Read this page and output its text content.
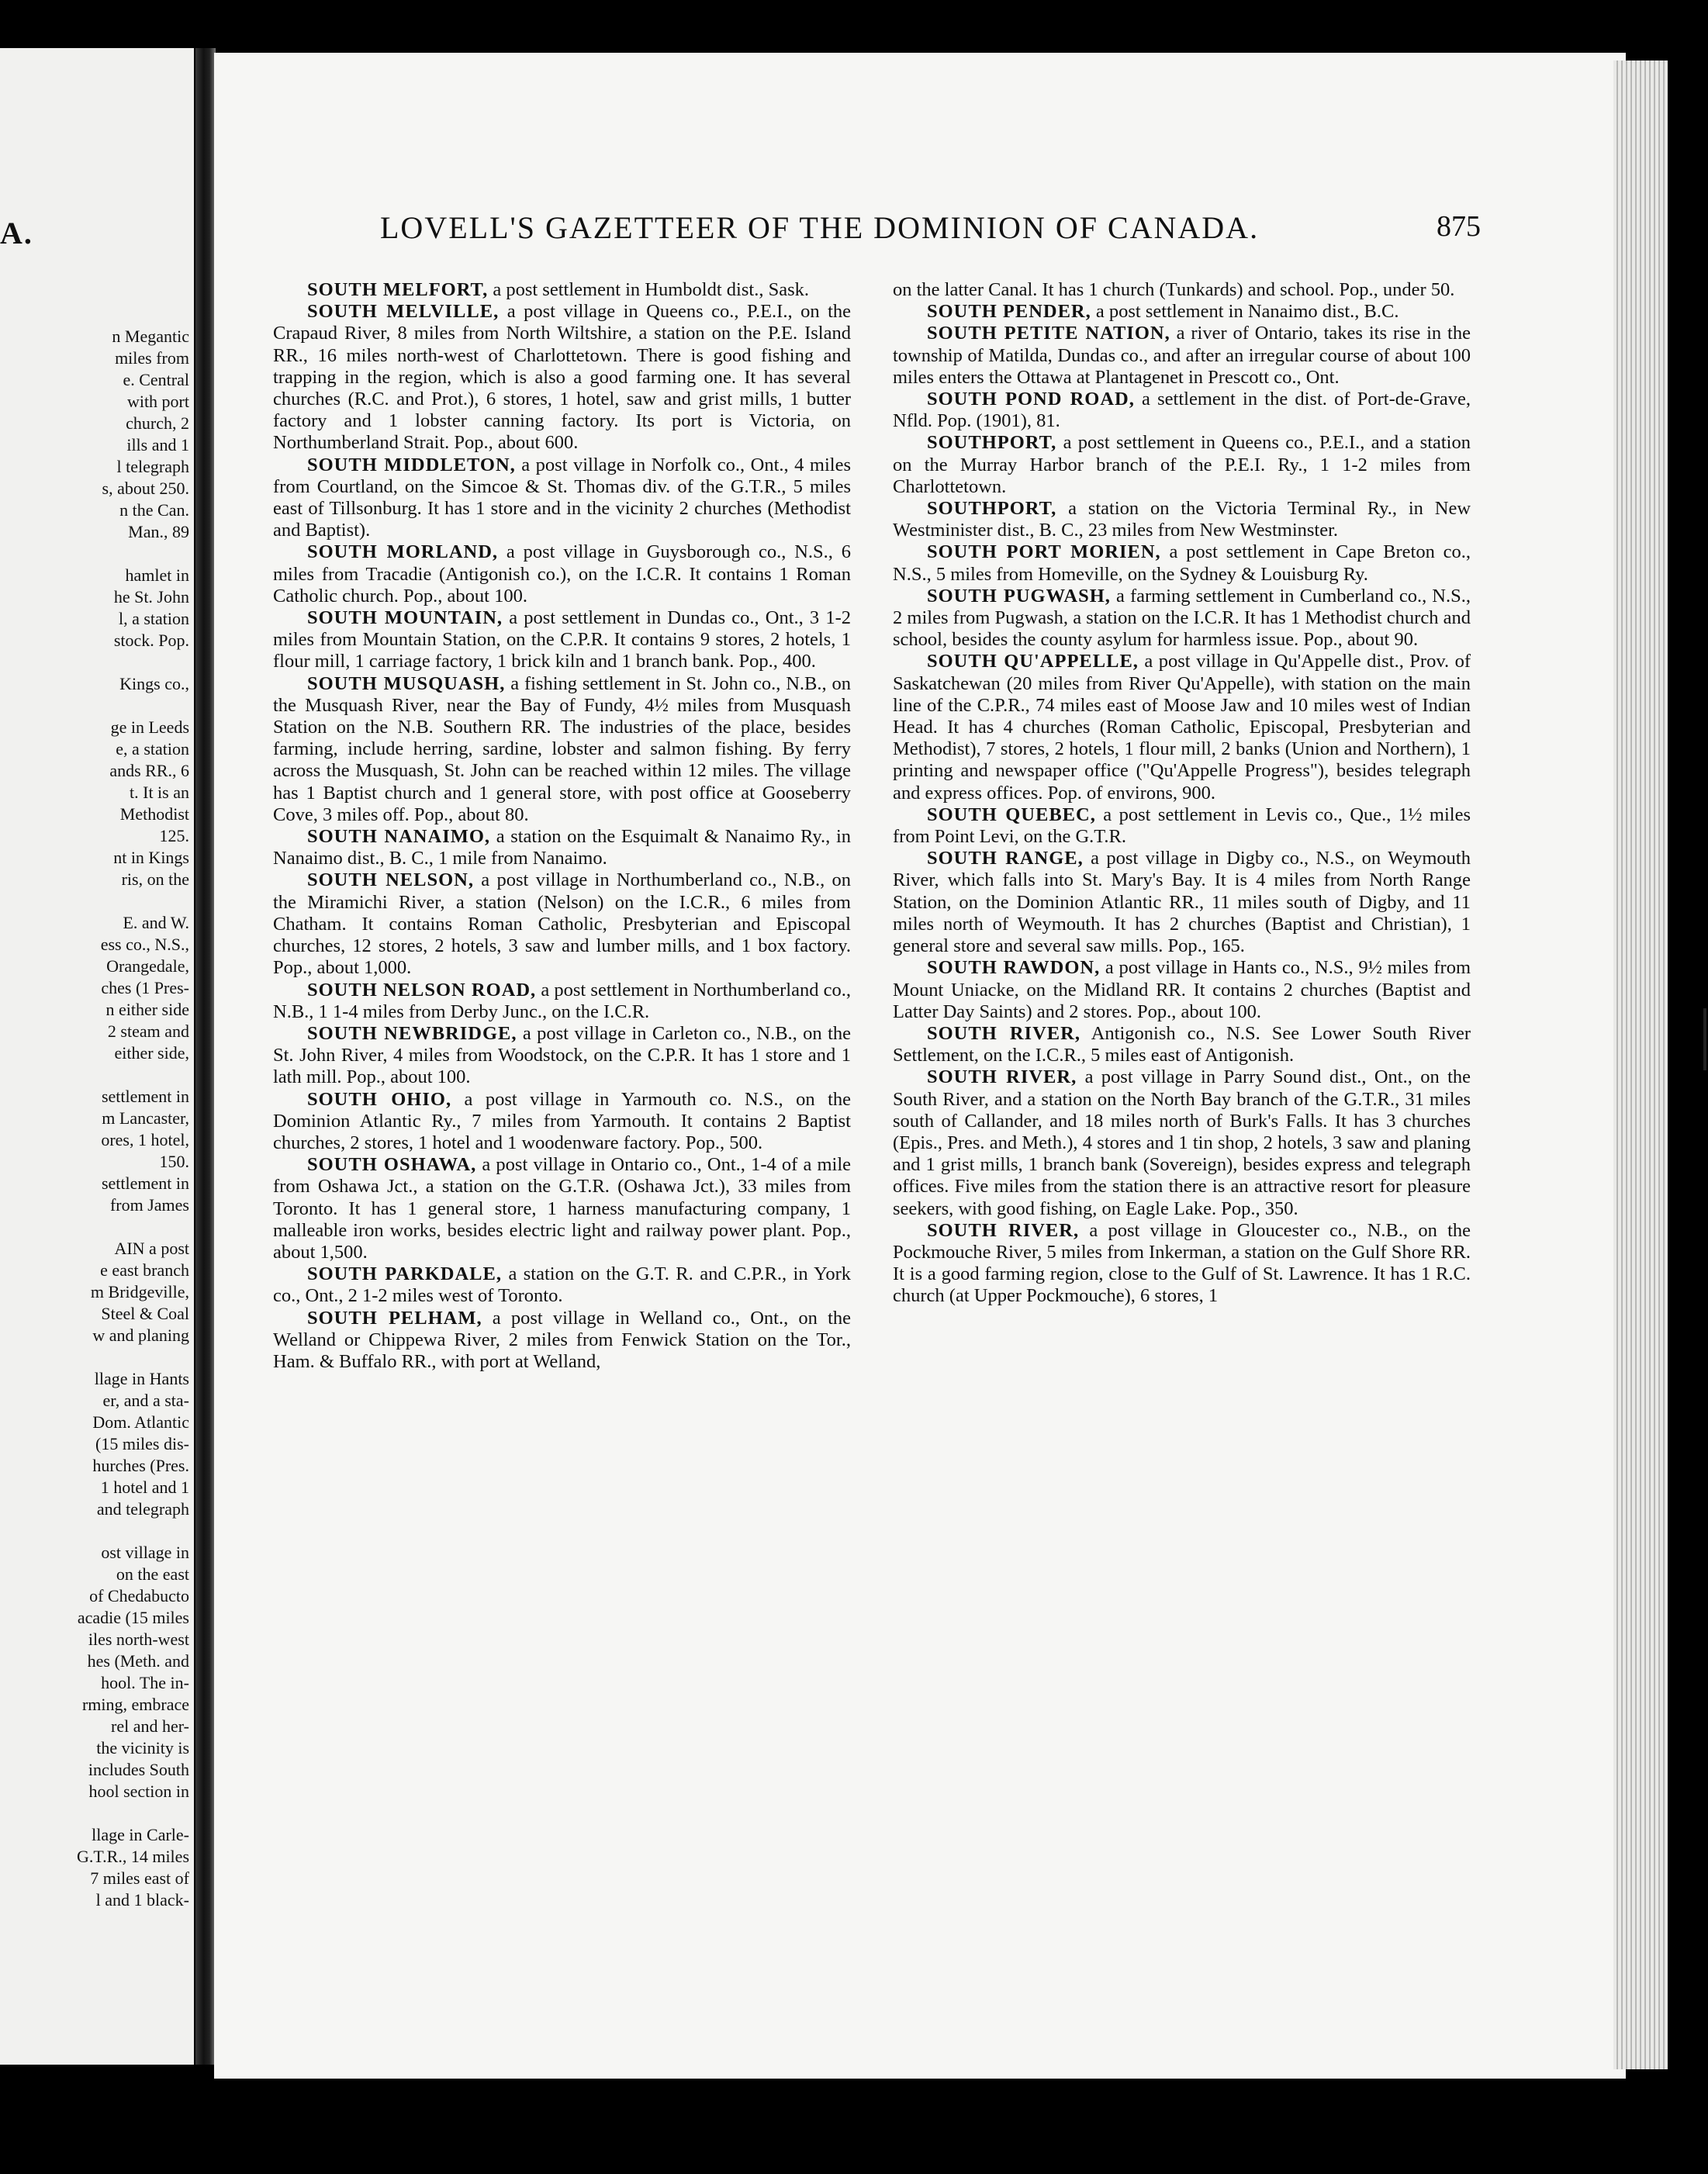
A.
n Megantic
miles from
e. Central
with port
church, 2
ills and 1
l telegraph
s, about 250.
n the Can.
Man., 89
hamlet in
he St. John
l, a station
stock. Pop.
Kings co.,
ge in Leeds
e, a station
ands RR., 6
t. It is an
Methodist
125.
nt in Kings
ris, on the
E. and W.
ess co., N.S.,
Orangedale,
ches (1 Pres-
n either side
2 steam and
either side,
settlement in
m Lancaster,
ores, 1 hotel,
150.
settlement in
from James
AIN a post
e east branch
m Bridgeville,
Steel & Coal
w and planing
llage in Hants
er, and a sta-
Dom. Atlantic
(15 miles dis-
hurches (Pres.
1 hotel and 1
and telegraph
ost village in
on the east
of Chedabucto
acadie (15 miles
iles north-west
hes (Meth. and
hool. The in-
rming, embrace
rel and her-
the vicinity is
includes South
hool section in
llage in Carle-
G.T.R., 14 miles
7 miles east of
l and 1 black-
LOVELL'S GAZETTEER OF THE DOMINION OF CANADA.	875

SOUTH MELFORT, a post settlement in Humboldt dist., Sask.

SOUTH MELVILLE, a post village in Queens co., P.E.I., on the Crapaud River, 8 miles from North Wiltshire, a station on the P.E. Island RR., 16 miles north-west of Charlottetown. There is good fishing and trapping in the region, which is also a good farming one. It has several churches (R.C. and Prot.), 6 stores, 1 hotel, saw and grist mills, 1 butter factory and 1 lobster canning factory. Its port is Victoria, on Northumberland Strait. Pop., about 600.

SOUTH MIDDLETON, a post village in Norfolk co., Ont., 4 miles from Courtland, on the Simcoe & St. Thomas div. of the G.T.R., 5 miles east of Tillsonburg. It has 1 store and in the vicinity 2 churches (Methodist and Baptist).

SOUTH MORLAND, a post village in Guysborough co., N.S., 6 miles from Tracadie (Antigonish co.), on the I.C.R. It contains 1 Roman Catholic church. Pop., about 100.

SOUTH MOUNTAIN, a post settlement in Dundas co., Ont., 3 1-2 miles from Mountain Station, on the C.P.R. It contains 9 stores, 2 hotels, 1 flour mill, 1 carriage factory, 1 brick kiln and 1 branch bank. Pop., 400.

SOUTH MUSQUASH, a fishing settlement in St. John co., N.B., on the Musquash River, near the Bay of Fundy, 4½ miles from Musquash Station on the N.B. Southern RR. The industries of the place, besides farming, include herring, sardine, lobster and salmon fishing. By ferry across the Musquash, St. John can be reached within 12 miles. The village has 1 Baptist church and 1 general store, with post office at Gooseberry Cove, 3 miles off. Pop., about 80.

SOUTH NANAIMO, a station on the Esquimalt & Nanaimo Ry., in Nanaimo dist., B. C., 1 mile from Nanaimo.

SOUTH NELSON, a post village in Northumberland co., N.B., on the Miramichi River, a station (Nelson) on the I.C.R., 6 miles from Chatham. It contains Roman Catholic, Presbyterian and Episcopal churches, 12 stores, 2 hotels, 3 saw and lumber mills, and 1 box factory. Pop., about 1,000.

SOUTH NELSON ROAD, a post settlement in Northumberland co., N.B., 1 1-4 miles from Derby Junc., on the I.C.R.

SOUTH NEWBRIDGE, a post village in Carleton co., N.B., on the St. John River, 4 miles from Woodstock, on the C.P.R. It has 1 store and 1 lath mill. Pop., about 100.

SOUTH OHIO, a post village in Yarmouth co. N.S., on the Dominion Atlantic Ry., 7 miles from Yarmouth. It contains 2 Baptist churches, 2 stores, 1 hotel and 1 woodenware factory. Pop., 500.

SOUTH OSHAWA, a post village in Ontario co., Ont., 1-4 of a mile from Oshawa Jct., a station on the G.T.R. (Oshawa Jct.), 33 miles from Toronto. It has 1 general store, 1 harness manufacturing company, 1 malleable iron works, besides electric light and railway power plant. Pop., about 1,500.

SOUTH PARKDALE, a station on the G.T. R. and C.P.R., in York co., Ont., 2 1-2 miles west of Toronto.

SOUTH PELHAM, a post village in Welland co., Ont., on the Welland or Chippewa River, 2 miles from Fenwick Station on the Tor., Ham. & Buffalo RR., with port at Welland,

on the latter Canal. It has 1 church (Tunkards) and school. Pop., under 50.

SOUTH PENDER, a post settlement in Nanaimo dist., B.C.

SOUTH PETITE NATION, a river of Ontario, takes its rise in the township of Matilda, Dundas co., and after an irregular course of about 100 miles enters the Ottawa at Plantagenet in Prescott co., Ont.

SOUTH POND ROAD, a settlement in the dist. of Port-de-Grave, Nfld. Pop. (1901), 81.

SOUTHPORT, a post settlement in Queens co., P.E.I., and a station on the Murray Harbor branch of the P.E.I. Ry., 1 1-2 miles from Charlottetown.

SOUTHPORT, a station on the Victoria Terminal Ry., in New Westminister dist., B. C., 23 miles from New Westminster.

SOUTH PORT MORIEN, a post settlement in Cape Breton co., N.S., 5 miles from Homeville, on the Sydney & Louisburg Ry.

SOUTH PUGWASH, a farming settlement in Cumberland co., N.S., 2 miles from Pugwash, a station on the I.C.R. It has 1 Methodist church and school, besides the county asylum for harmless issue. Pop., about 90.

SOUTH QU'APPELLE, a post village in Qu'Appelle dist., Prov. of Saskatchewan (20 miles from River Qu'Appelle), with station on the main line of the C.P.R., 74 miles east of Moose Jaw and 10 miles west of Indian Head. It has 4 churches (Roman Catholic, Episcopal, Presbyterian and Methodist), 7 stores, 2 hotels, 1 flour mill, 2 banks (Union and Northern), 1 printing and newspaper office ("Qu'Appelle Progress"), besides telegraph and express offices. Pop. of environs, 900.

SOUTH QUEBEC, a post settlement in Levis co., Que., 1½ miles from Point Levi, on the G.T.R.

SOUTH RANGE, a post village in Digby co., N.S., on Weymouth River, which falls into St. Mary's Bay. It is 4 miles from North Range Station, on the Dominion Atlantic RR., 11 miles south of Digby, and 11 miles north of Weymouth. It has 2 churches (Baptist and Christian), 1 general store and several saw mills. Pop., 165.

SOUTH RAWDON, a post village in Hants co., N.S., 9½ miles from Mount Uniacke, on the Midland RR. It contains 2 churches (Baptist and Latter Day Saints) and 2 stores. Pop., about 100.

SOUTH RIVER, Antigonish co., N.S. See Lower South River Settlement, on the I.C.R., 5 miles east of Antigonish.

SOUTH RIVER, a post village in Parry Sound dist., Ont., on the South River, and a station on the North Bay branch of the G.T.R., 31 miles south of Callander, and 18 miles north of Burk's Falls. It has 3 churches (Epis., Pres. and Meth.), 4 stores and 1 tin shop, 2 hotels, 3 saw and planing and 1 grist mills, 1 branch bank (Sovereign), besides express and telegraph offices. Five miles from the station there is an attractive resort for pleasure seekers, with good fishing, on Eagle Lake. Pop., 350.

SOUTH RIVER, a post village in Gloucester co., N.B., on the Pockmouche River, 5 miles from Inkerman, a station on the Gulf Shore RR. It is a good farming region, close to the Gulf of St. Lawrence. It has 1 R.C. church (at Upper Pockmouche), 6 stores, 1
